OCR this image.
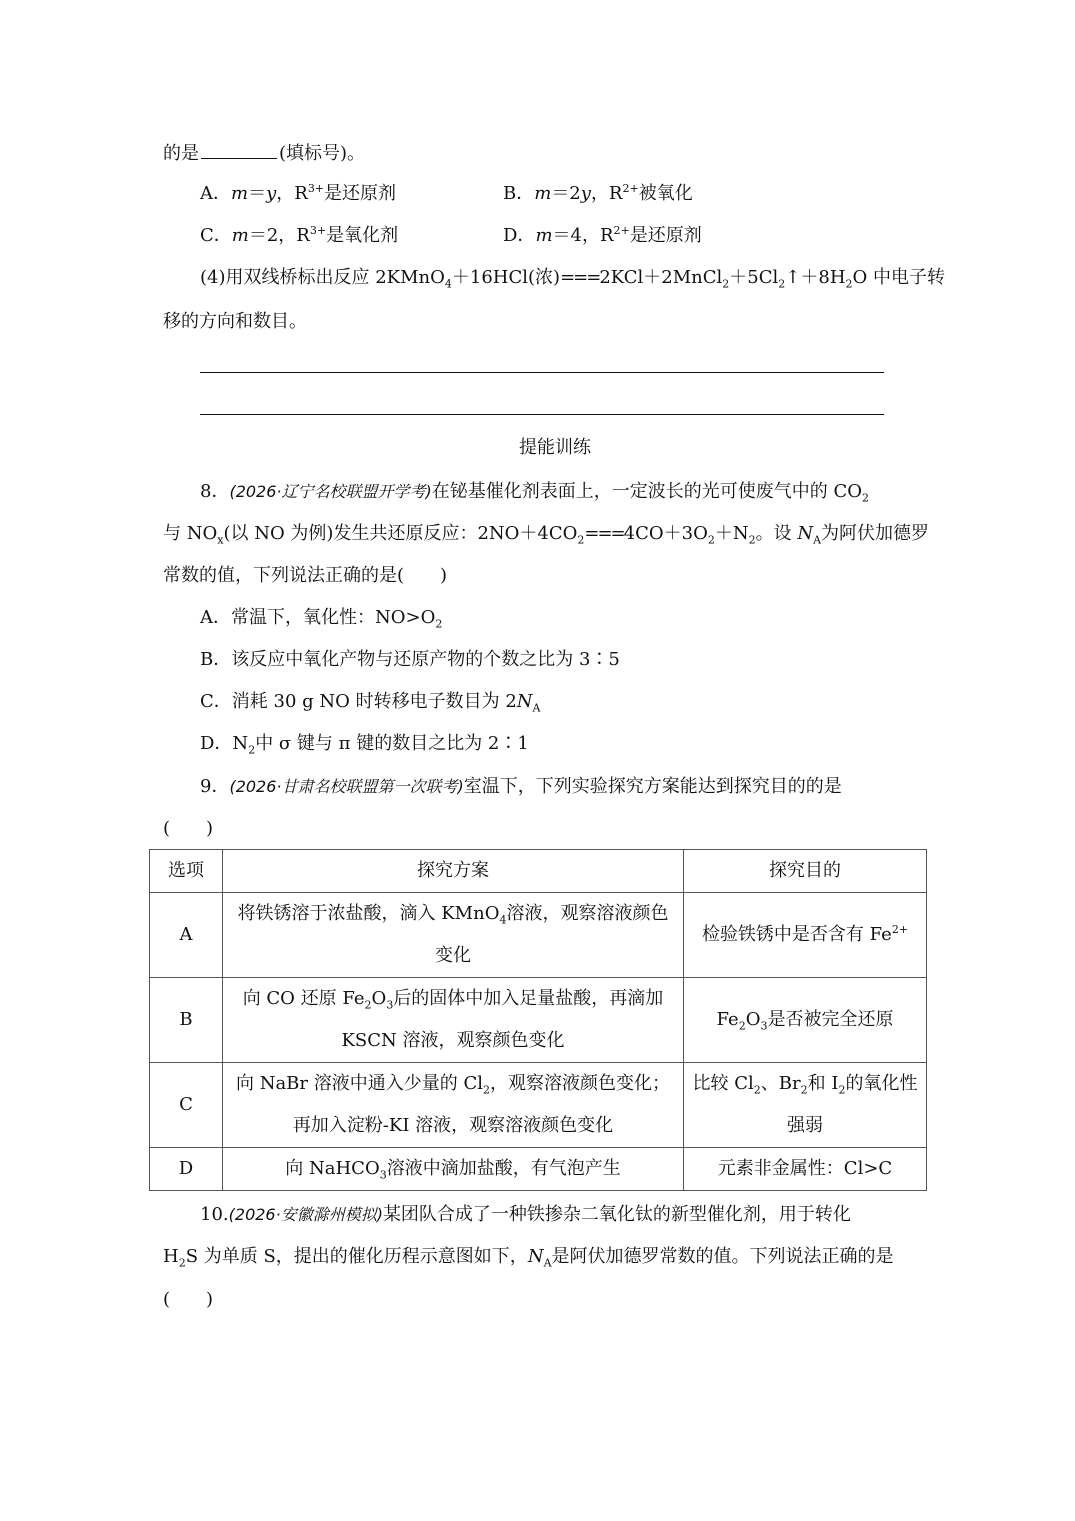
的是	(填标号)。
A．m＝y，$R^{3+}$是还原剂	B．m＝2y，$R^{2+}$被氧化
C．m＝2，$R^{3+}$是氧化剂	D．m＝4，$R^{2+}$是还原剂
(4)用双线桥标出反应 2KMnO$_4$＋16HCl(浓)$===2KCl+2MnCl_2+5Cl_2↑+8H_2O$ 中电子转
移的方向和数目。
提能训练
8．(2026·辽宁名校联盟开学考)在铋基催化剂表面上，一定波长的光可使废气中的 $CO_2$
与 $NO_x$(以 NO 为例)发生共还原反应：$2NO+4CO_2===4CO+3O_2+N_2$。设 $N_A$为阿伏加德罗
常数的值，下列说法正确的是(　　)
A．常温下，氧化性：$NO>O_2$
B．该反应中氧化产物与还原产物的个数之比为 3∶5
C．消耗 30 g NO 时转移电子数目为 $2N_A$
D．$N_2$中 σ 键与 π 键的数目之比为 2∶1
9．(2026·甘肃名校联盟第一次联考)室温下，下列实验探究方案能达到探究目的的是
(　　)
选项	探究方案	探究目的
A	将铁锈溶于浓盐酸，滴入 KMnO$_4$溶液，观察溶液颜色
变化	检验铁锈中是否含有 $Fe^{2+}$
B	向 CO 还原 $Fe_2O_3$后的固体中加入足量盐酸，再滴加
KSCN 溶液，观察颜色变化	$Fe_2O_3$是否被完全还原
C	向 NaBr 溶液中通入少量的 $Cl_2$，观察溶液颜色变化；
再加入淀粉-KI 溶液，观察溶液颜色变化	比较 $Cl_2$、$Br_2$和 $I_2$的氧化性
强弱
D	向 NaHCO$_3$溶液中滴加盐酸，有气泡产生	元素非金属性：Cl>C
10.(2026·安徽滁州模拟)某团队合成了一种铁掺杂二氧化钛的新型催化剂，用于转化
$H_2S$ 为单质 S，提出的催化历程示意图如下，$N_A$是阿伏加德罗常数的值。下列说法正确的是
(　　)
